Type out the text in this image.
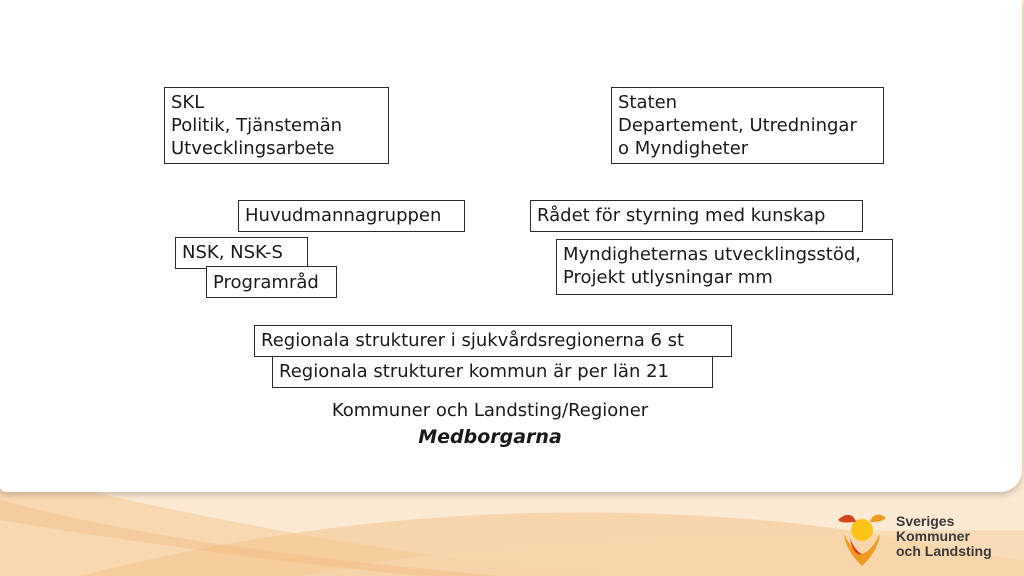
SKL
Politik, Tjänstemän
Utvecklingsarbete
Staten
Departement, Utredningar
o Myndigheter
Huvudmannagruppen	Rådet för styrning med kunskap
NSK, NSK-S
Programråd
Myndigheternas utvecklingsstöd,
Projekt utlysningar mm
Regionala strukturer i sjukvårdsregionerna 6 st
Regionala strukturer kommun är per län 21
Kommuner och Landsting/Regioner
Medborgarna
Sveriges
Kommuner
och Landsting
